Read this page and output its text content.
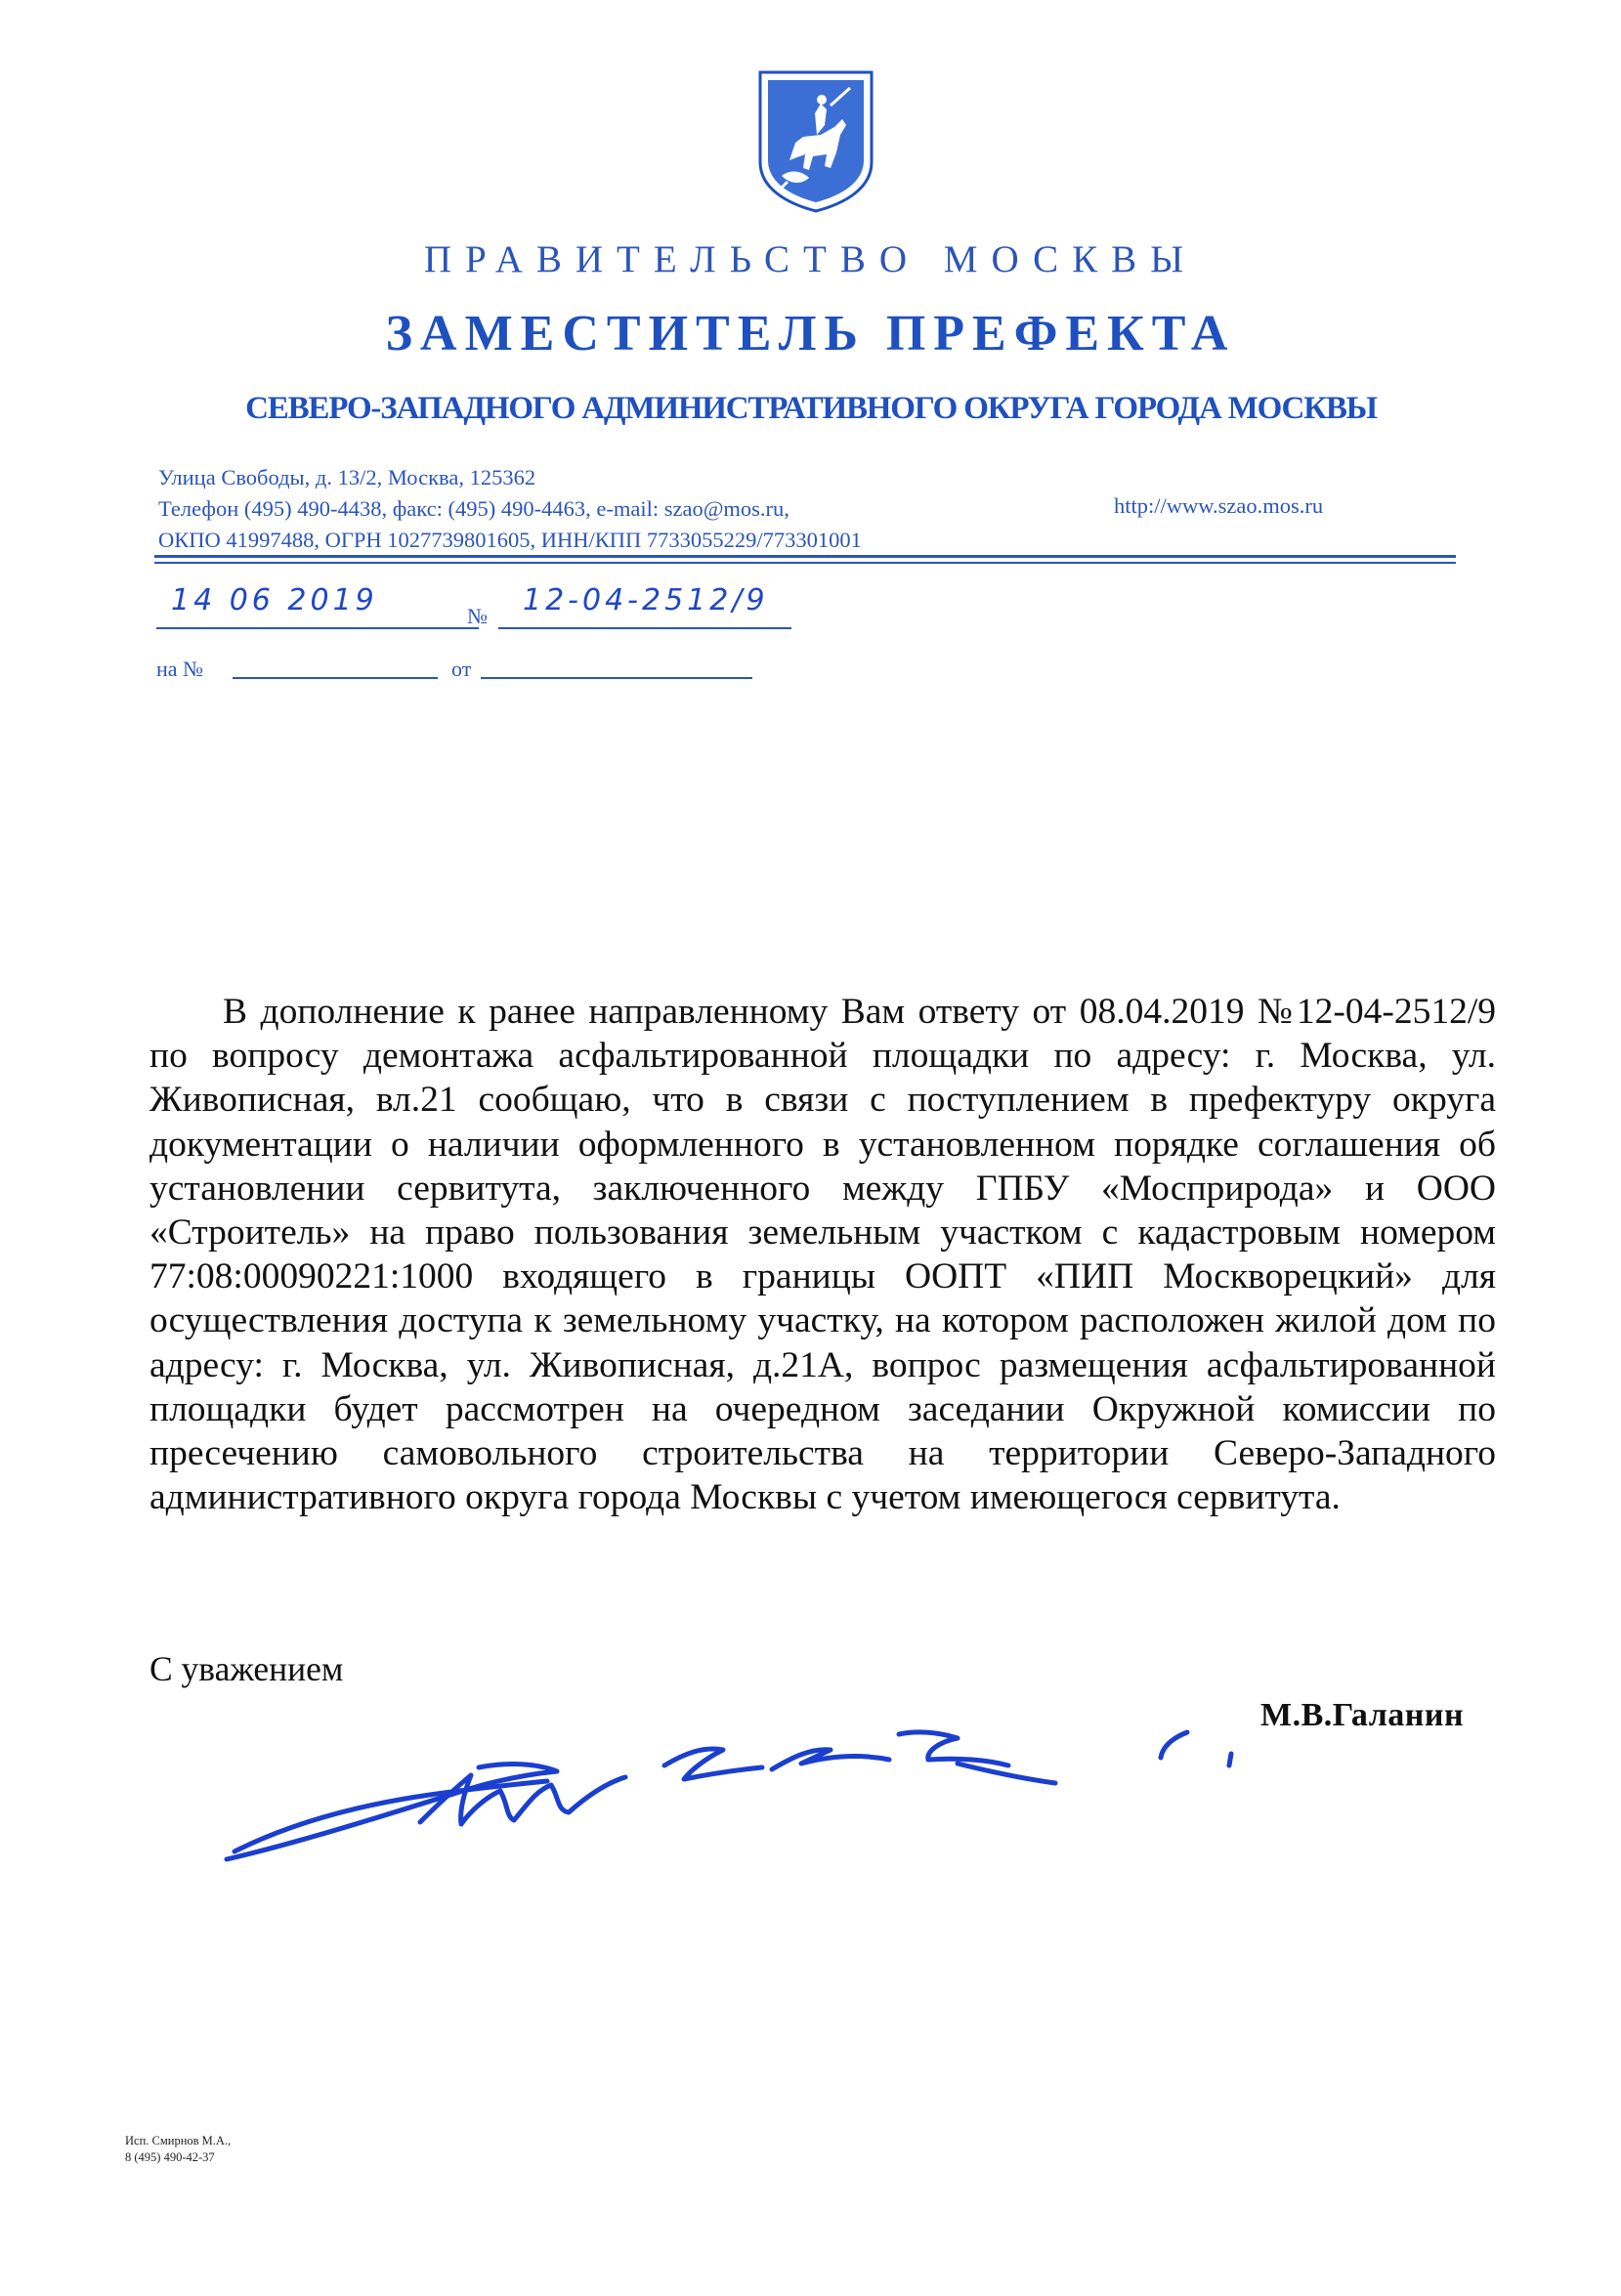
ПРАВИТЕЛЬСТВО МОСКВЫ
ЗАМЕСТИТЕЛЬ ПРЕФЕКТА
СЕВЕРО-ЗАПАДНОГО АДМИНИСТРАТИВНОГО ОКРУГА ГОРОДА МОСКВЫ
Улица Свободы, д. 13/2, Москва, 125362
Телефон (495) 490-4438, факс: (495) 490-4463, e-mail: szao@mos.ru,
ОКПО 41997488, ОГРН 1027739801605, ИНН/КПП 7733055229/773301001
http://www.szao.mos.ru
14 06 2019	№ 12-04-2512/9
на №	от
В дополнение к ранее направленному Вам ответу от 08.04.2019 №12-04-2512/9 по вопросу демонтажа асфальтированной площадки по адресу: г. Москва, ул. Живописная, вл.21 сообщаю, что в связи с поступлением в префектуру округа документации о наличии оформленного в установленном порядке соглашения об установлении сервитута, заключенного между ГПБУ «Мосприрода» и ООО «Строитель» на право пользования земельным участком с кадастровым номером 77:08:00090221:1000 входящего в границы ООПТ «ПИП Москворецкий» для осуществления доступа к земельному участку, на котором расположен жилой дом по адресу: г. Москва, ул. Живописная, д.21А, вопрос размещения асфальтированной площадки будет рассмотрен на очередном заседании Окружной комиссии по пресечению самовольного строительства на территории Северо-Западного административного округа города Москвы с учетом имеющегося сервитута.
С уважением
М.В.Галанин
Исп. Смирнов М.А.,
8 (495) 490-42-37
